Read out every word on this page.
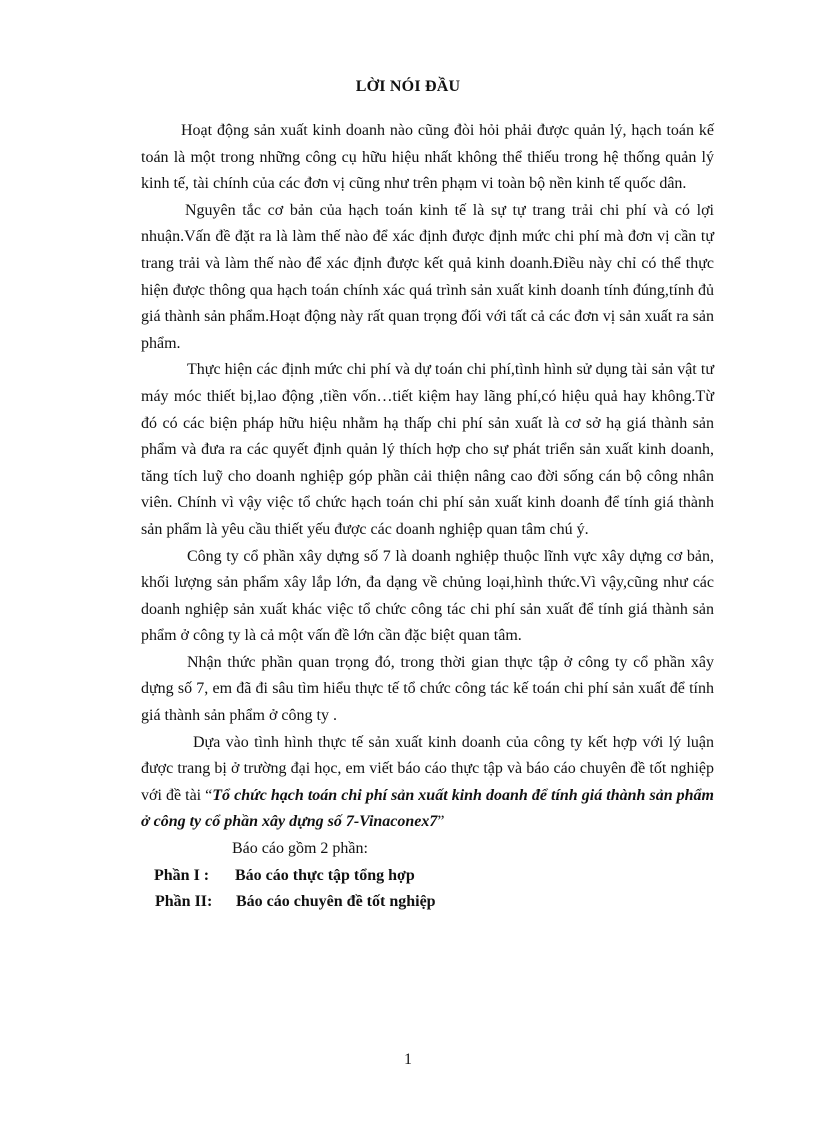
LỜI NÓI ĐẦU

Hoạt động sản xuất kinh doanh nào cũng đòi hỏi phải được quản lý, hạch toán kế toán là một trong những công cụ hữu hiệu nhất không thể thiếu trong hệ thống quản lý kinh tế, tài chính của các đơn vị cũng như trên phạm vi toàn bộ nền kinh tế quốc dân.

Nguyên tắc cơ bản của hạch toán kinh tế là sự tự trang trải chi phí và có lợi nhuận.Vấn đề đặt ra là làm thế nào để xác định được định mức chi phí mà đơn vị cần tự trang trải và làm thế nào để xác định được kết quả kinh doanh.Điều này chỉ có thể thực hiện được thông qua hạch toán chính xác quá trình sản xuất kinh doanh tính đúng,tính đủ giá thành sản phẩm.Hoạt động này rất quan trọng đối với tất cả các đơn vị sản xuất ra sản phẩm.

Thực hiện các định mức chi phí và dự toán chi phí,tình hình sử dụng tài sản vật tư máy móc thiết bị,lao động ,tiền vốn…tiết kiệm hay lãng phí,có hiệu quả hay không.Từ đó có các biện pháp hữu hiệu nhằm hạ thấp chi phí sản xuất là cơ sở hạ giá thành sản phẩm và đưa ra các quyết định quản lý thích hợp cho sự phát triển sản xuất kinh doanh, tăng tích luỹ cho doanh nghiệp góp phần cải thiện nâng cao đời sống cán bộ công nhân viên. Chính vì vậy việc tổ chức hạch toán chi phí sản xuất kinh doanh để tính giá thành sản phẩm là yêu cầu thiết yếu được các doanh nghiệp quan tâm chú ý.

Công ty cổ phần xây dựng số 7 là doanh nghiệp thuộc lĩnh vực xây dựng cơ bản, khối lượng sản phẩm xây lắp lớn, đa dạng về chủng loại,hình thức.Vì vậy,cũng như các doanh nghiệp sản xuất khác việc tổ chức công tác chi phí sản xuất để tính giá thành sản phẩm ở công ty là cả một vấn đề lớn cần đặc biệt quan tâm.

Nhận thức phần quan trọng đó, trong thời gian thực tập ở công ty cổ phần xây dựng số 7, em đã đi sâu tìm hiểu thực tế tổ chức công tác kế toán chi phí sản xuất để tính giá thành sản phẩm ở công ty .

Dựa vào tình hình thực tế sản xuất kinh doanh của công ty kết hợp với lý luận được trang bị ở trường đại học, em viết báo cáo thực tập và báo cáo chuyên đề tốt nghiệp với đề tài “Tổ chức hạch toán chi phí sản xuất kinh doanh để tính giá thành sản phẩm ở công ty cổ phần xây dựng số 7-Vinaconex7”

Báo cáo gồm 2 phần:

Phần I : Báo cáo thực tập tổng hợp

Phần II: Báo cáo chuyên đề tốt nghiệp

1
